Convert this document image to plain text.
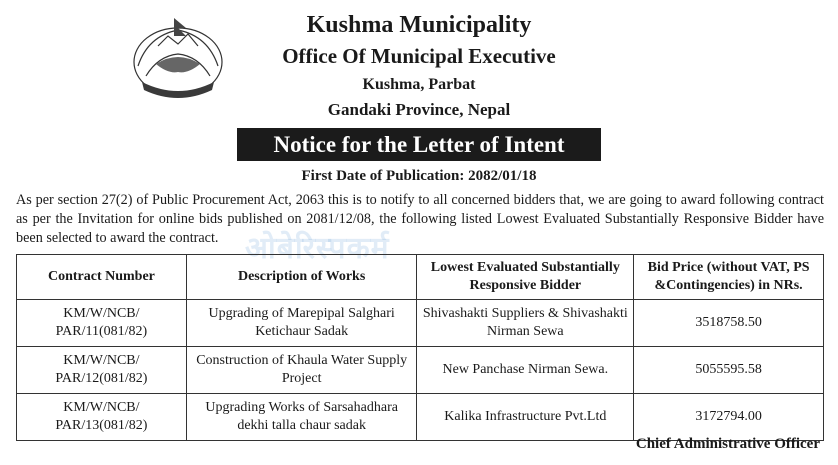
Kushma Municipality
Office Of Municipal Executive
Kushma, Parbat
Gandaki Province, Nepal
Notice for the Letter of Intent
First Date of Publication: 2082/01/18
As per section 27(2) of Public Procurement Act, 2063 this is to notify to all concerned bidders that, we are going to award following contract as per the Invitation for online bids published on 2081/12/08, the following listed Lowest Evaluated Substantially Responsive Bidder have been selected to award the contract. ओबेरिस्पकर्म
Contract Number	Description of Works	Lowest Evaluated Substantially Responsive Bidder	Bid Price (without VAT, PS &Contingencies) in NRs.
KM/W/NCB/ PAR/11(081/82)	Upgrading of Marepipal Salghari Ketichaur Sadak	Shivashakti Suppliers & Shivashakti Nirman Sewa	3518758.50
KM/W/NCB/ PAR/12(081/82)	Construction of Khaula Water Supply Project	New Panchase Nirman Sewa.	5055595.58
KM/W/NCB/ PAR/13(081/82)	Upgrading Works of Sarsahadhara dekhi talla chaur sadak	Kalika Infrastructure Pvt.Ltd	3172794.00
Chief Administrative Officer
